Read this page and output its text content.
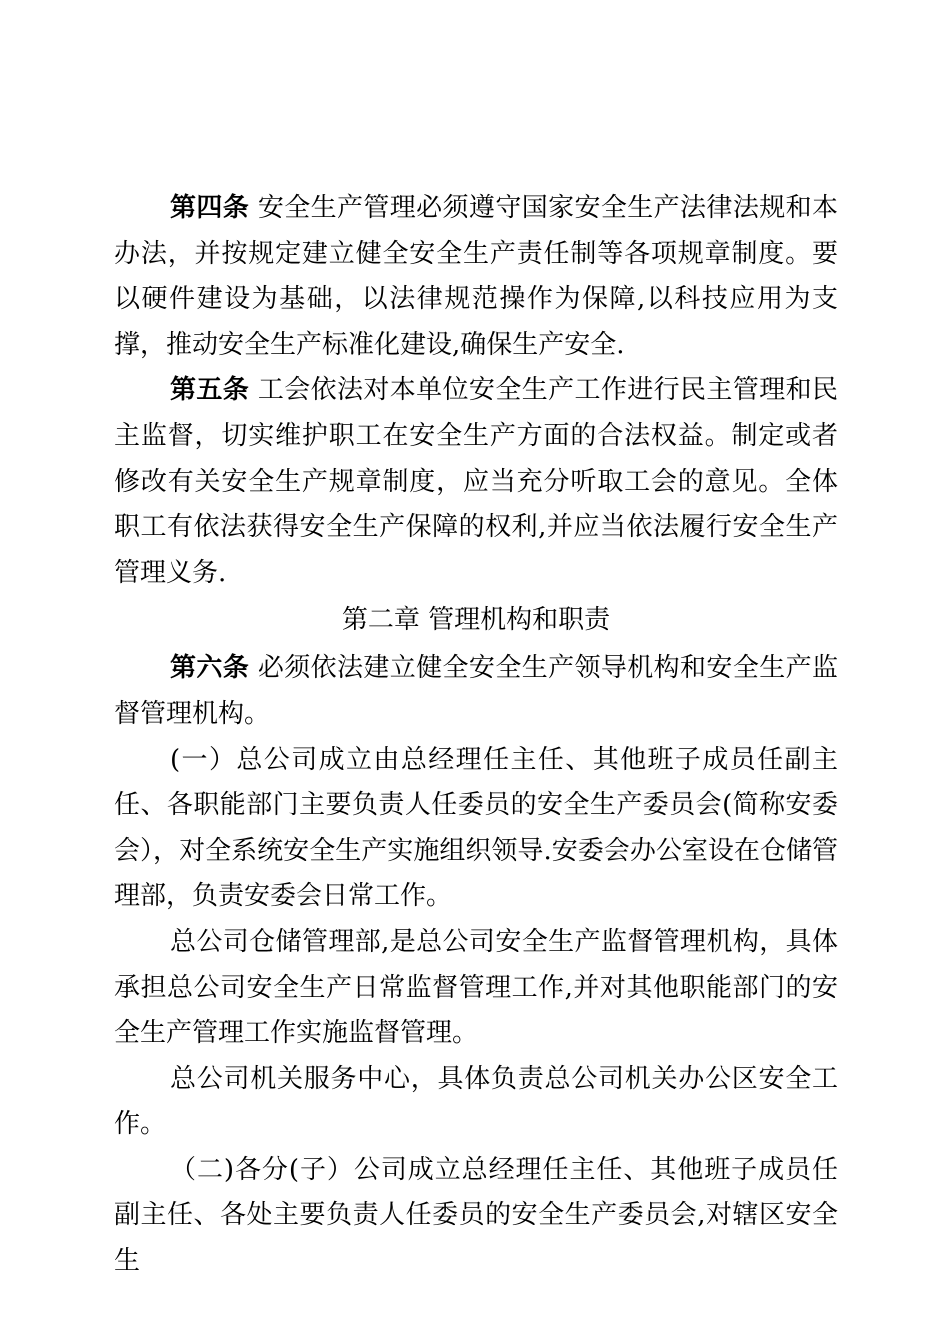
第四条 安全生产管理必须遵守国家安全生产法律法规和本办法，并按规定建立健全安全生产责任制等各项规章制度。要以硬件建设为基础，以法律规范操作为保障,以科技应用为支撑，推动安全生产标准化建设,确保生产安全.

第五条 工会依法对本单位安全生产工作进行民主管理和民主监督，切实维护职工在安全生产方面的合法权益。制定或者修改有关安全生产规章制度，应当充分听取工会的意见。全体职工有依法获得安全生产保障的权利,并应当依法履行安全生产管理义务.

第二章 管理机构和职责

第六条 必须依法建立健全安全生产领导机构和安全生产监督管理机构。

(一）总公司成立由总经理任主任、其他班子成员任副主任、各职能部门主要负责人任委员的安全生产委员会(简称安委会），对全系统安全生产实施组织领导.安委会办公室设在仓储管理部，负责安委会日常工作。

总公司仓储管理部,是总公司安全生产监督管理机构，具体承担总公司安全生产日常监督管理工作,并对其他职能部门的安全生产管理工作实施监督管理。

总公司机关服务中心，具体负责总公司机关办公区安全工作。

（二)各分(子）公司成立总经理任主任、其他班子成员任副主任、各处主要负责人任委员的安全生产委员会,对辖区安全生
